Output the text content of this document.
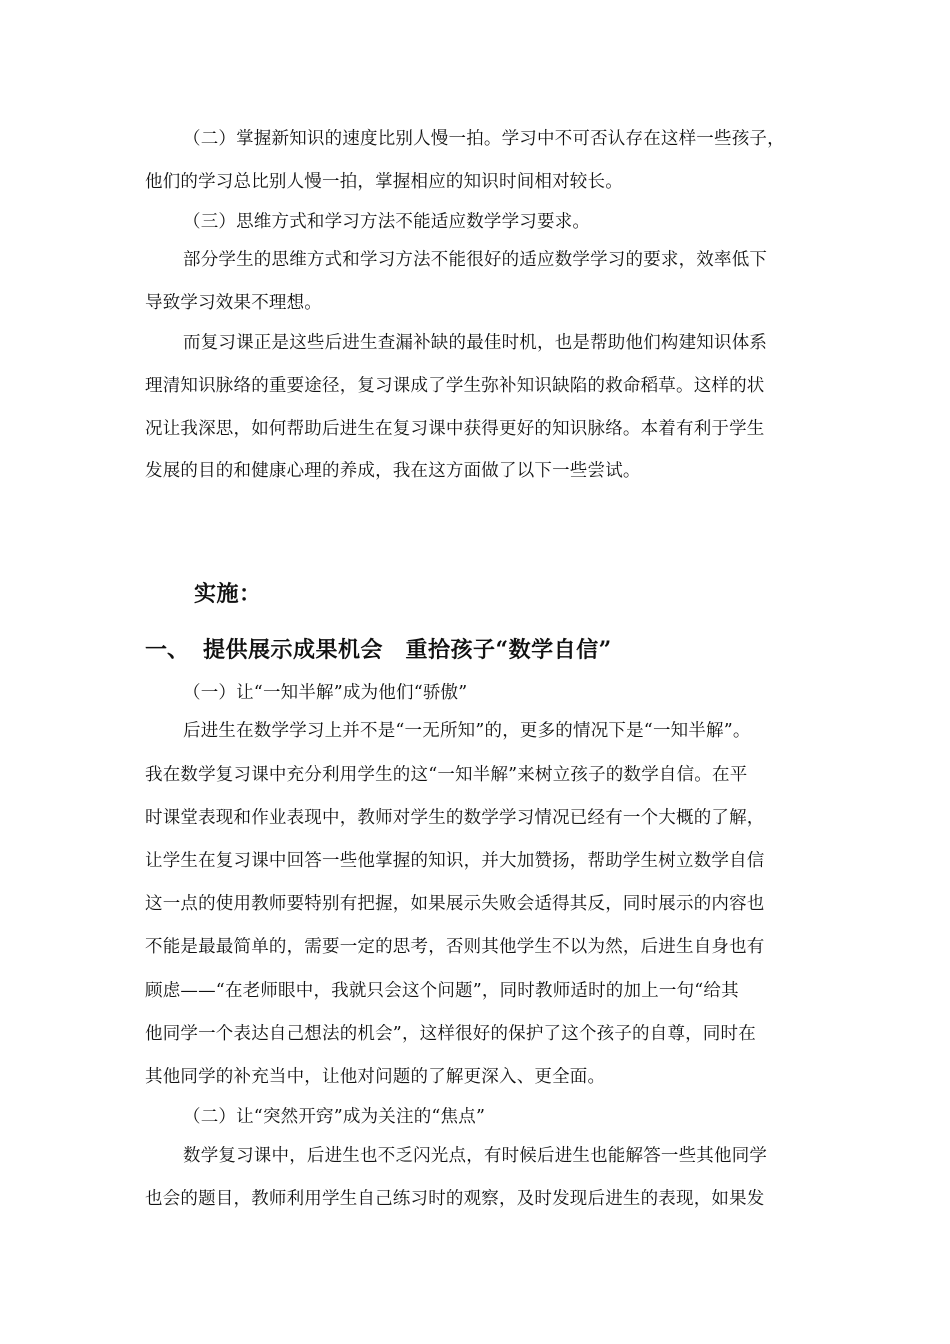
（二）掌握新知识的速度比别人慢一拍。学习中不可否认存在这样一些孩子，
他们的学习总比别人慢一拍，掌握相应的知识时间相对较长。
（三）思维方式和学习方法不能适应数学学习要求。
部分学生的思维方式和学习方法不能很好的适应数学学习的要求，效率低下
导致学习效果不理想。
而复习课正是这些后进生查漏补缺的最佳时机，也是帮助他们构建知识体系
理清知识脉络的重要途径，复习课成了学生弥补知识缺陷的救命稻草。这样的状
况让我深思，如何帮助后进生在复习课中获得更好的知识脉络。本着有利于学生
发展的目的和健康心理的养成，我在这方面做了以下一些尝试。
实施：
一、 提供展示成果机会　重拾孩子“数学自信”
（一）让“一知半解”成为他们“骄傲”
后进生在数学学习上并不是“一无所知”的，更多的情况下是“一知半解”。
我在数学复习课中充分利用学生的这“一知半解”来树立孩子的数学自信。在平
时课堂表现和作业表现中，教师对学生的数学学习情况已经有一个大概的了解，
让学生在复习课中回答一些他掌握的知识，并大加赞扬，帮助学生树立数学自信
这一点的使用教师要特别有把握，如果展示失败会适得其反，同时展示的内容也
不能是最最简单的，需要一定的思考，否则其他学生不以为然，后进生自身也有
顾虑——“在老师眼中，我就只会这个问题”，同时教师适时的加上一句“给其
他同学一个表达自己想法的机会”，这样很好的保护了这个孩子的自尊，同时在
其他同学的补充当中，让他对问题的了解更深入、更全面。
（二）让“突然开窍”成为关注的“焦点”
数学复习课中，后进生也不乏闪光点，有时候后进生也能解答一些其他同学
也会的题目，教师利用学生自己练习时的观察，及时发现后进生的表现，如果发
